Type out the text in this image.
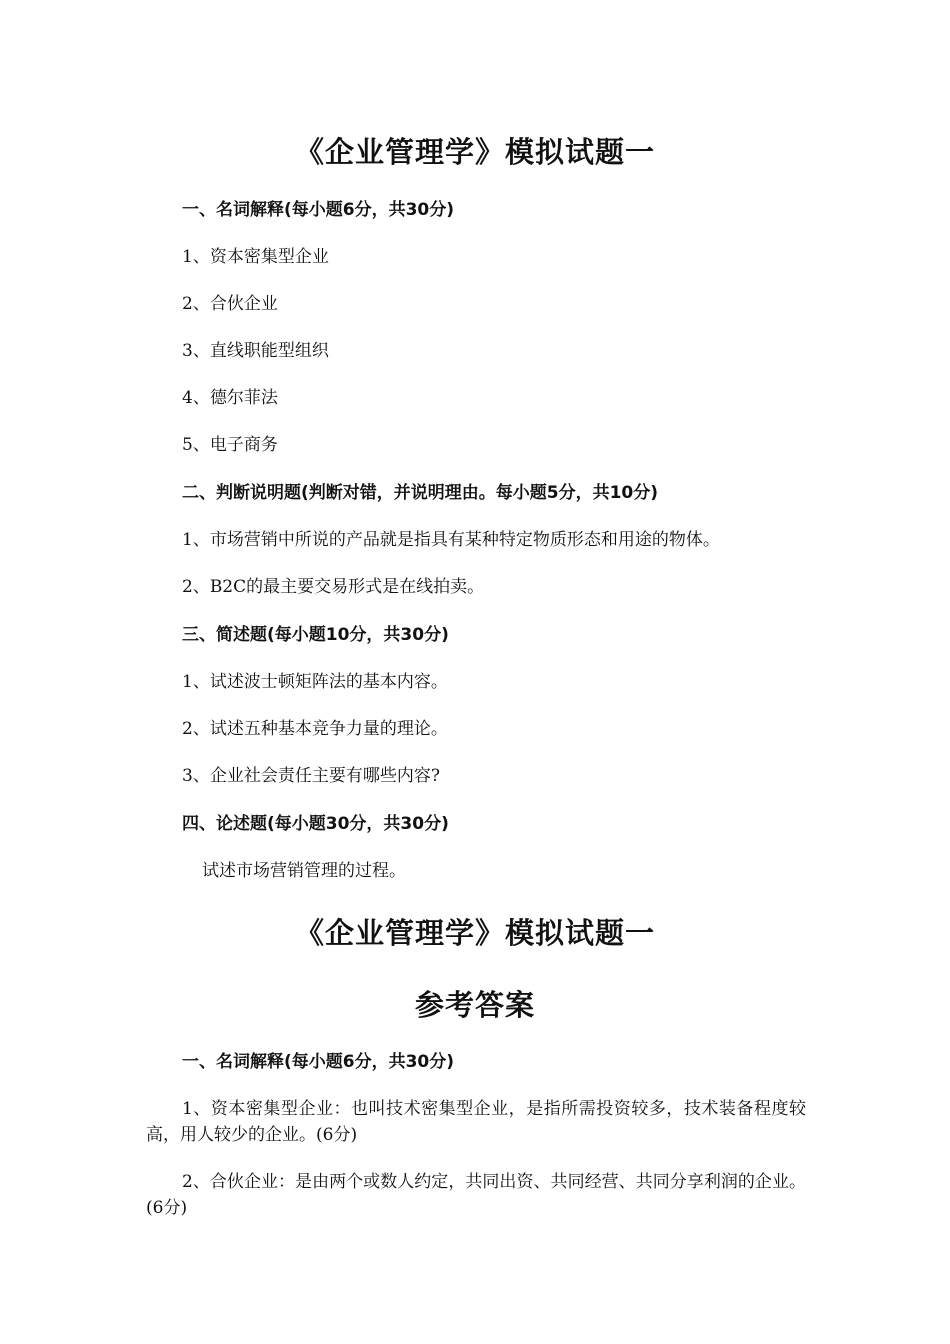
《企业管理学》模拟试题一
一、名词解释(每小题6分，共30分)
1、资本密集型企业
2、合伙企业
3、直线职能型组织
4、德尔菲法
5、电子商务
二、判断说明题(判断对错，并说明理由。每小题5分，共10分)
1、市场营销中所说的产品就是指具有某种特定物质形态和用途的物体。
2、B2C的最主要交易形式是在线拍卖。
三、简述题(每小题10分，共30分)
1、试述波士顿矩阵法的基本内容。
2、试述五种基本竞争力量的理论。
3、企业社会责任主要有哪些内容?
四、论述题(每小题30分，共30分)
试述市场营销管理的过程。
《企业管理学》模拟试题一
参考答案
一、名词解释(每小题6分，共30分)
1、资本密集型企业：也叫技术密集型企业，是指所需投资较多，技术装备程度较高，用人较少的企业。(6分)
2、合伙企业：是由两个或数人约定，共同出资、共同经营、共同分享利润的企业。(6分)
